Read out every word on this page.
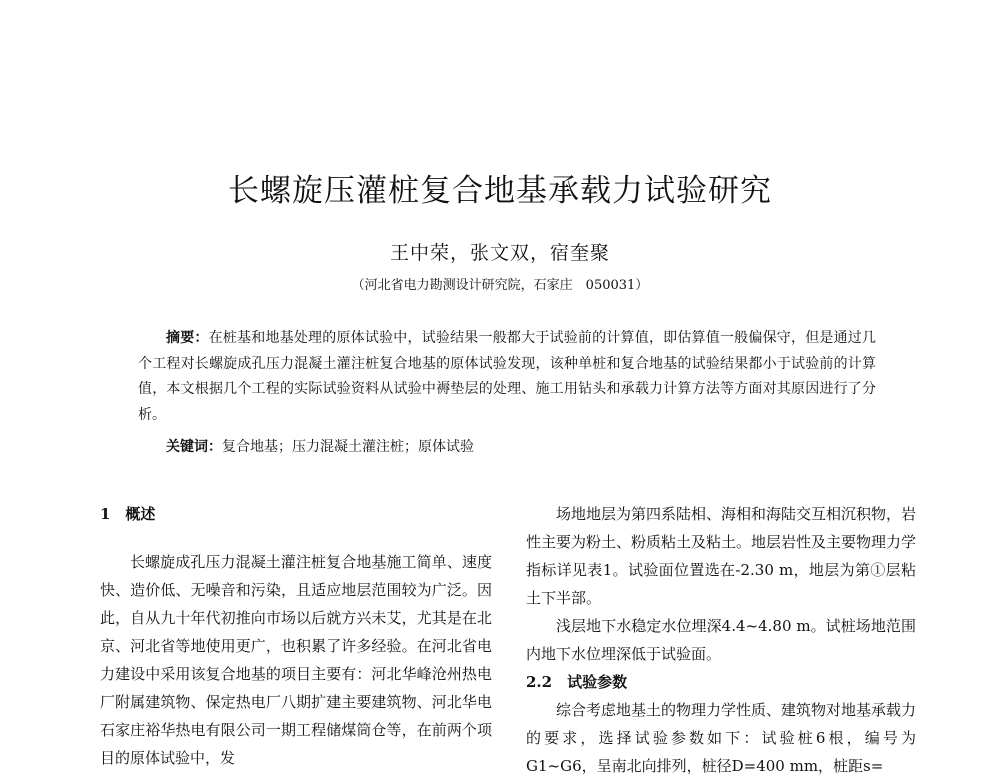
长螺旋压灌桩复合地基承载力试验研究
王中荣，张文双，宿奎聚
（河北省电力勘测设计研究院，石家庄　050031）
摘要：在桩基和地基处理的原体试验中，试验结果一般都大于试验前的计算值，即估算值一般偏保守，但是通过几个工程对长螺旋成孔压力混凝土灌注桩复合地基的原体试验发现，该种单桩和复合地基的试验结果都小于试验前的计算值，本文根据几个工程的实际试验资料从试验中褥垫层的处理、施工用钻头和承载力计算方法等方面对其原因进行了分析。
关键词：复合地基；压力混凝土灌注桩；原体试验

1　概述

长螺旋成孔压力混凝土灌注桩复合地基施工简单、速度快、造价低、无噪音和污染，且适应地层范围较为广泛。因此，自从九十年代初推向市场以后就方兴未艾，尤其是在北京、河北省等地使用更广，也积累了许多经验。在河北省电力建设中采用该复合地基的项目主要有：河北华峰沧州热电厂附属建筑物、保定热电厂八期扩建主要建筑物、河北华电石家庄裕华热电有限公司一期工程储煤筒仓等，在前两个项目的原体试验中，发

场地地层为第四系陆相、海相和海陆交互相沉积物，岩性主要为粉土、粉质粘土及粘土。地层岩性及主要物理力学指标详见表1。试验面位置选在-2.30 m，地层为第①层粘土下半部。

浅层地下水稳定水位埋深4.4~4.80 m。试桩场地范围内地下水位埋深低于试验面。

2.2　试验参数

综合考虑地基土的物理力学性质、建筑物对地基承载力的要求，选择试验参数如下：试验桩6根，编号为G1~G6，呈南北向排列，桩径D=400 mm，桩距s=
